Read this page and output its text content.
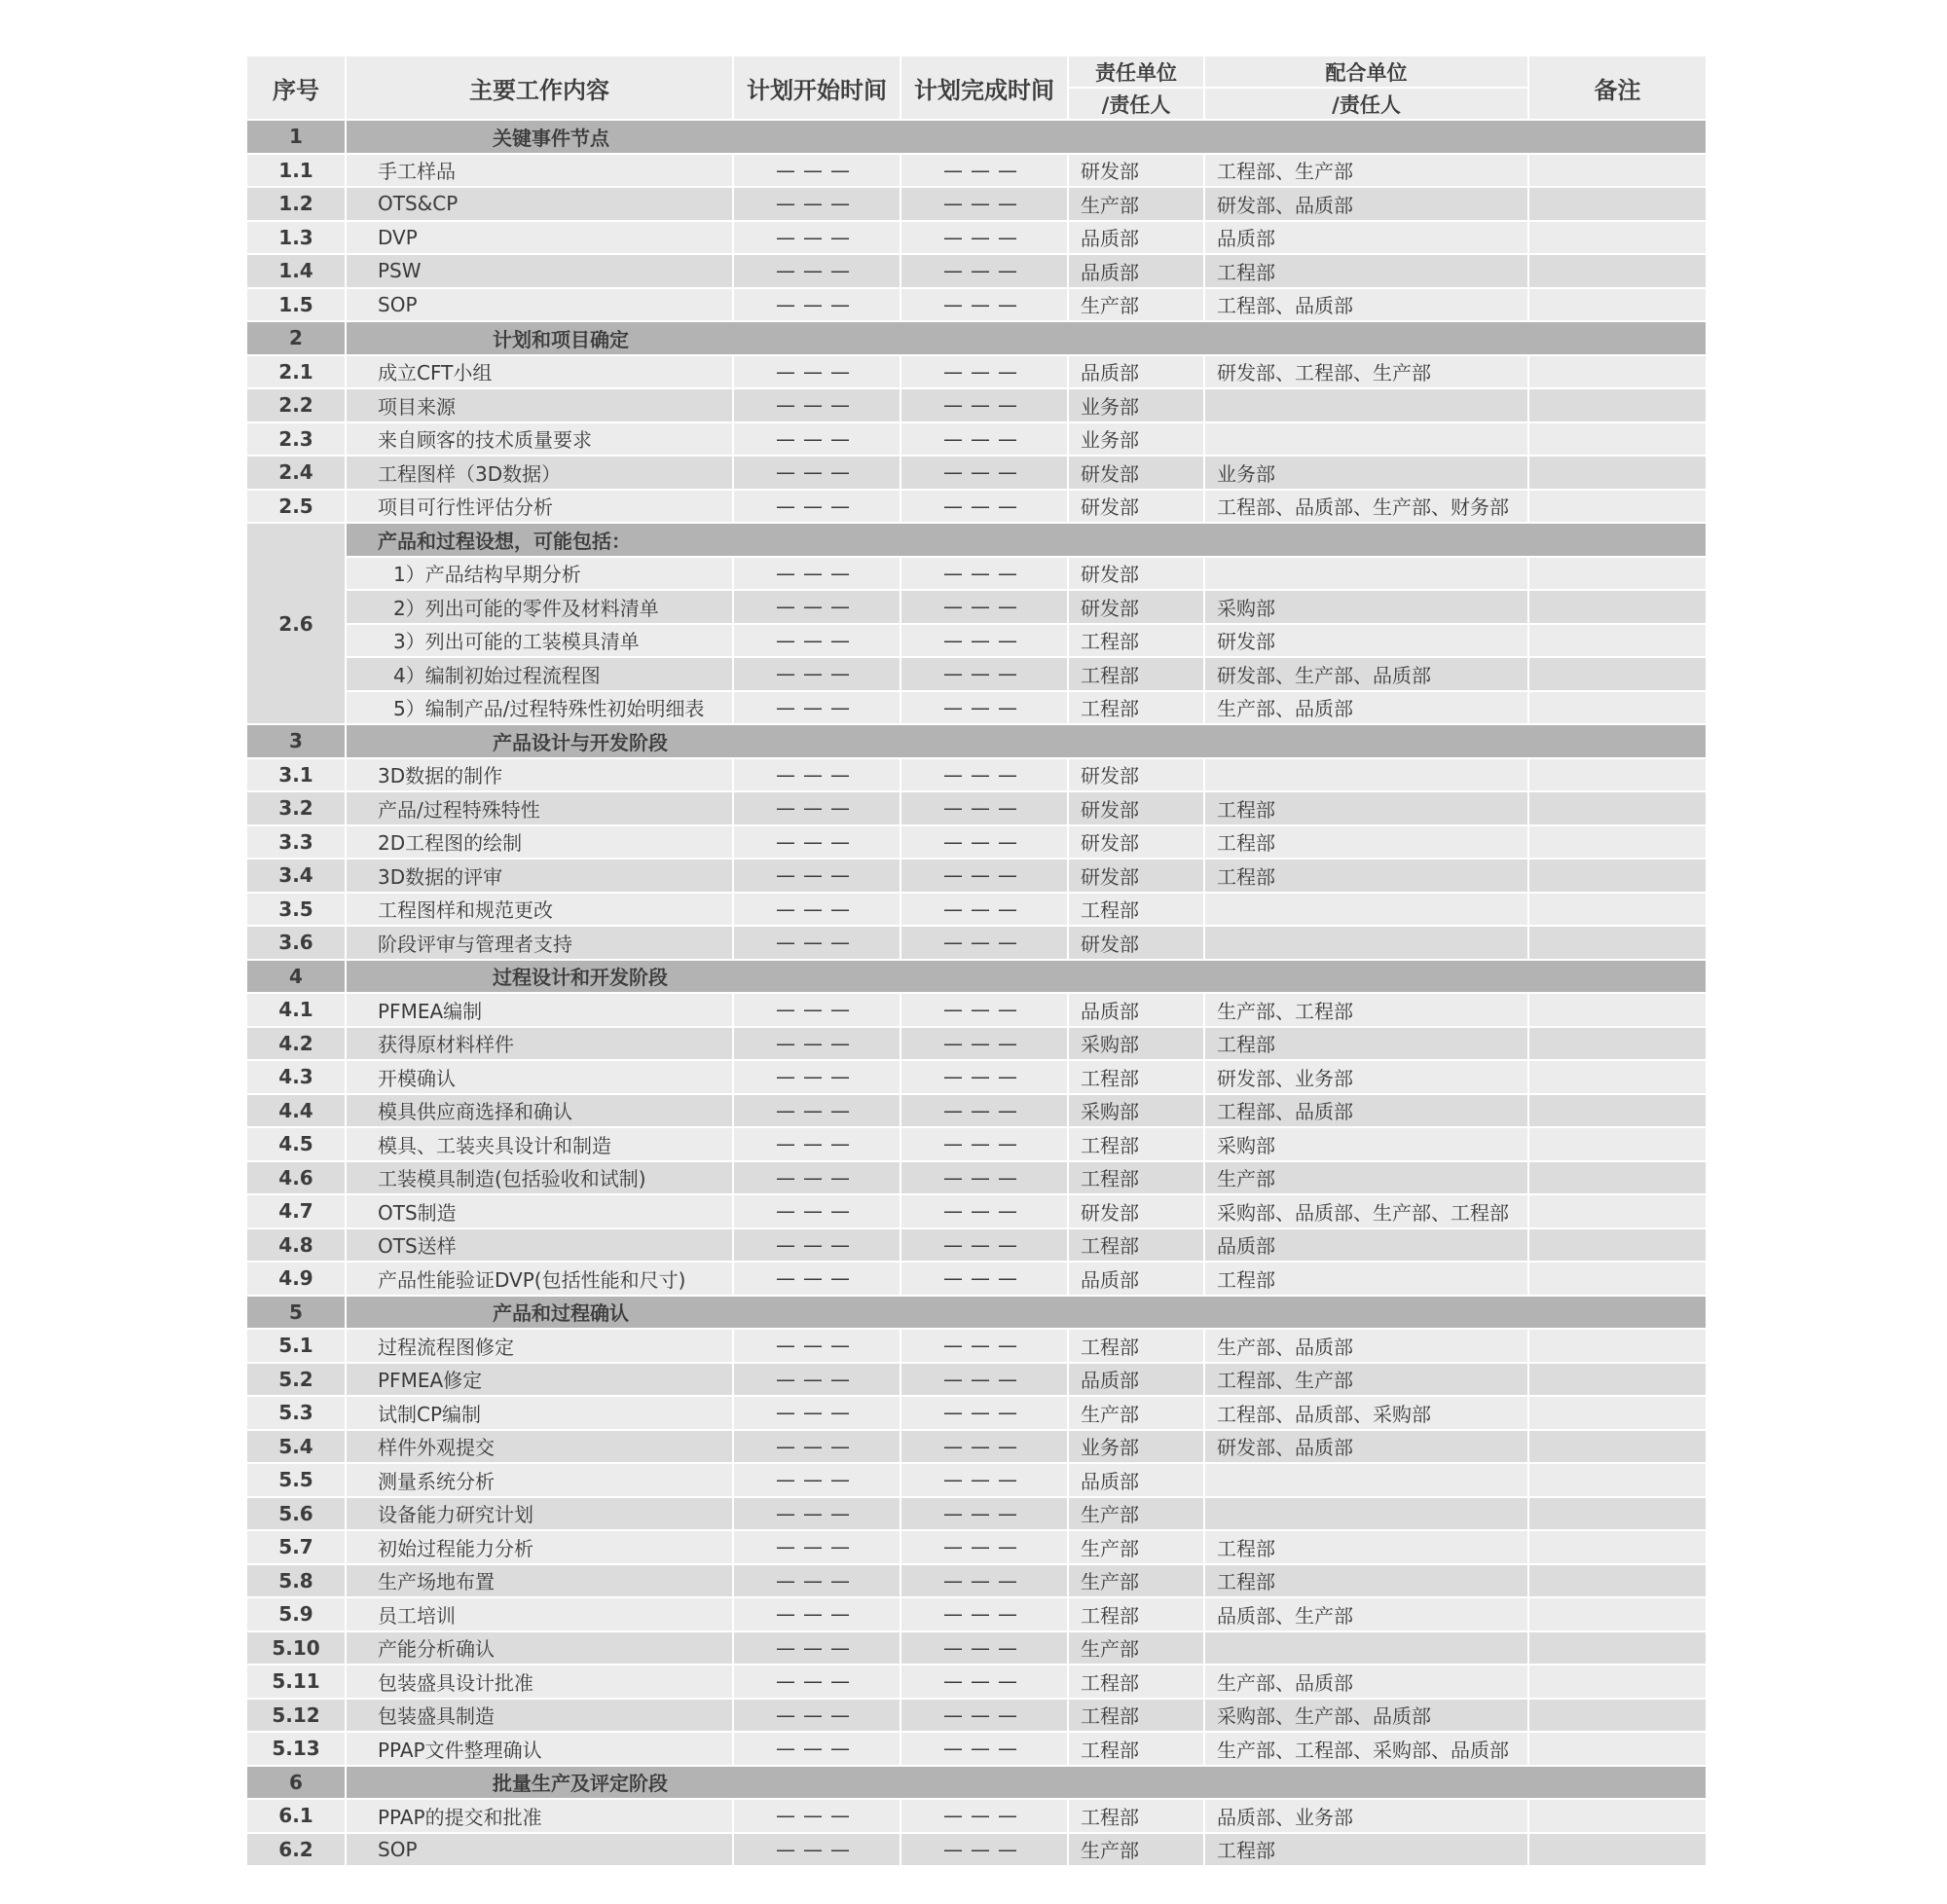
序号	主要工作内容	计划开始时间	计划完成时间	责任单位	配合单位	备注
				/责任人	/责任人	
1	关键事件节点					
1.1	手工样品	———	———	研发部	工程部、生产部	
1.2	OTS&CP	———	———	生产部	研发部、品质部	
1.3	DVP	———	———	品质部	品质部	
1.4	PSW	———	———	品质部	工程部	
1.5	SOP	———	———	生产部	工程部、品质部	
2	计划和项目确定					
2.1	成立CFT小组	———	———	品质部	研发部、工程部、生产部	
2.2	项目来源	———	———	业务部		
2.3	来自顾客的技术质量要求	———	———	业务部		
2.4	工程图样（3D数据）	———	———	研发部	业务部	
2.5	项目可行性评估分析	———	———	研发部	工程部、品质部、生产部、财务部	
2.6	产品和过程设想，可能包括：					
	1）产品结构早期分析	———	———	研发部		
	2）列出可能的零件及材料清单	———	———	研发部	采购部	
	3）列出可能的工装模具清单	———	———	工程部	研发部	
	4）编制初始过程流程图	———	———	工程部	研发部、生产部、品质部	
	5）编制产品/过程特殊性初始明细表	———	———	工程部	生产部、品质部	
3	产品设计与开发阶段					
3.1	3D数据的制作	———	———	研发部		
3.2	产品/过程特殊特性	———	———	研发部	工程部	
3.3	2D工程图的绘制	———	———	研发部	工程部	
3.4	3D数据的评审	———	———	研发部	工程部	
3.5	工程图样和规范更改	———	———	工程部		
3.6	阶段评审与管理者支持	———	———	研发部		
4	过程设计和开发阶段					
4.1	PFMEA编制	———	———	品质部	生产部、工程部	
4.2	获得原材料样件	———	———	采购部	工程部	
4.3	开模确认	———	———	工程部	研发部、业务部	
4.4	模具供应商选择和确认	———	———	采购部	工程部、品质部	
4.5	模具、工装夹具设计和制造	———	———	工程部	采购部	
4.6	工装模具制造(包括验收和试制)	———	———	工程部	生产部	
4.7	OTS制造	———	———	研发部	采购部、品质部、生产部、工程部	
4.8	OTS送样	———	———	工程部	品质部	
4.9	产品性能验证DVP(包括性能和尺寸)	———	———	品质部	工程部	
5	产品和过程确认					
5.1	过程流程图修定	———	———	工程部	生产部、品质部	
5.2	PFMEA修定	———	———	品质部	工程部、生产部	
5.3	试制CP编制	———	———	生产部	工程部、品质部、采购部	
5.4	样件外观提交	———	———	业务部	研发部、品质部	
5.5	测量系统分析	———	———	品质部		
5.6	设备能力研究计划	———	———	生产部		
5.7	初始过程能力分析	———	———	生产部	工程部	
5.8	生产场地布置	———	———	生产部	工程部	
5.9	员工培训	———	———	工程部	品质部、生产部	
5.10	产能分析确认	———	———	生产部		
5.11	包装盛具设计批准	———	———	工程部	生产部、品质部	
5.12	包装盛具制造	———	———	工程部	采购部、生产部、品质部	
5.13	PPAP文件整理确认	———	———	工程部	生产部、工程部、采购部、品质部	
6	批量生产及评定阶段					
6.1	PPAP的提交和批准	———	———	工程部	品质部、业务部	
6.2	SOP	———	———	生产部	工程部	
